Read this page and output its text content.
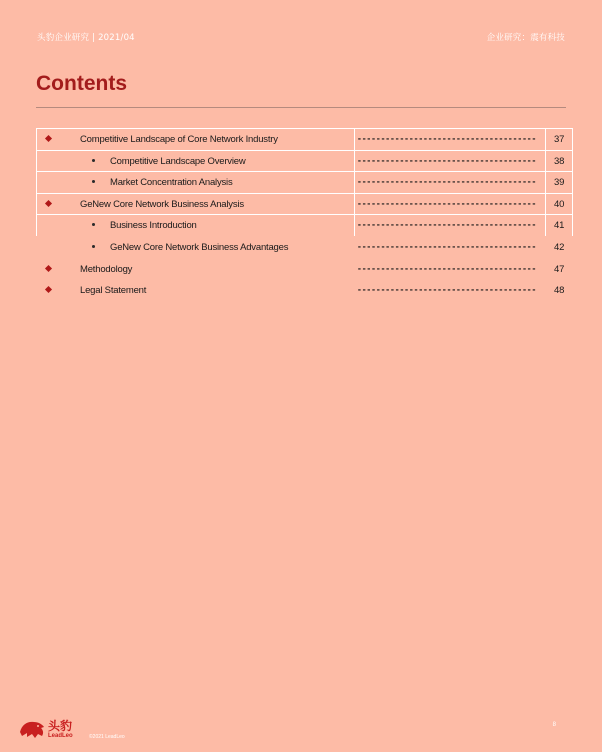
头豹企业研究 | 2021/04	企业研究：震有科技
Contents
Competitive Landscape of Core Network Industry	--------------------------------------	37
Competitive Landscape Overview	--------------------------------------	38
Market Concentration Analysis	--------------------------------------	39
GeNew Core Network Business Analysis	--------------------------------------	40
Business Introduction	--------------------------------------	41
GeNew Core Network Business Advantages	--------------------------------------	42
Methodology	--------------------------------------	47
Legal Statement	--------------------------------------	48
头豹
LeadLeo	©2021 LeadLeo
8
